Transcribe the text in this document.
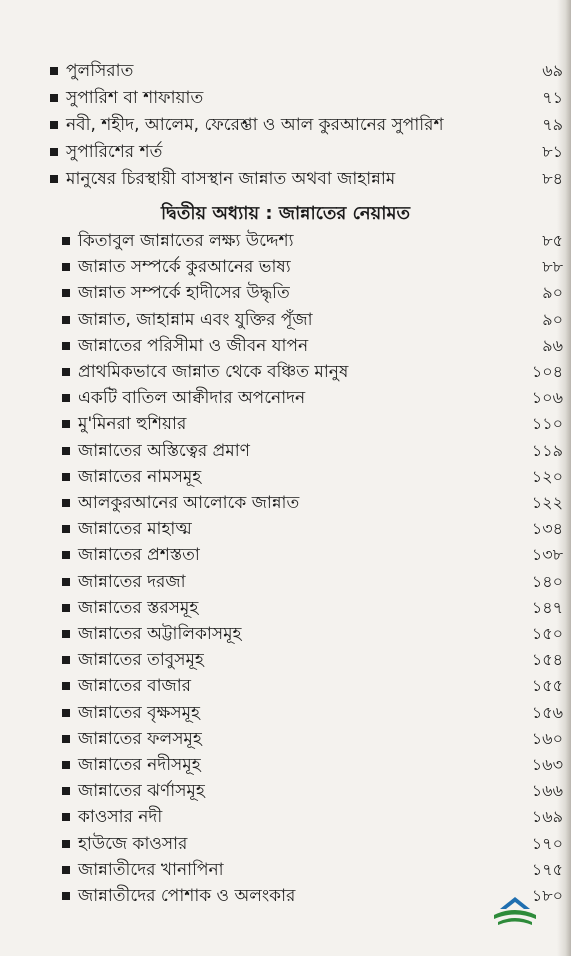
পুলসিরাত	৬৯
সুপারিশ বা শাফায়াত	৭১
নবী, শহীদ, আলেম, ফেরেশ্তা ও আল কুরআনের সুপারিশ	৭৯
সুপারিশের শর্ত	৮১
মানুষের চিরস্থায়ী বাসস্থান জান্নাত অথবা জাহান্নাম	৮৪
দ্বিতীয় অধ্যায় : জান্নাতের নেয়ামত
কিতাবুল জান্নাতের লক্ষ্য উদ্দেশ্য	৮৫
জান্নাত সম্পর্কে কুরআনের ভাষ্য	৮৮
জান্নাত সম্পর্কে হাদীসের উদ্ধৃতি	৯০
জান্নাত, জাহান্নাম এবং যুক্তির পূঁজা	৯০
জান্নাতের পরিসীমা ও জীবন যাপন	৯৬
প্রাথমিকভাবে জান্নাত থেকে বঞ্চিত মানুষ	১০৪
একটি বাতিল আক্বীদার অপনোদন	১০৬
মু'মিনরা হুশিয়ার	১১০
জান্নাতের অস্তিত্বের প্রমাণ	১১৯
জান্নাতের নামসমূহ	১২০
আলকুরআনের আলোকে জান্নাত	১২২
জান্নাতের মাহাত্ম	১৩৪
জান্নাতের প্রশস্ততা	১৩৮
জান্নাতের দরজা	১৪০
জান্নাতের স্তরসমূহ	১৪৭
জান্নাতের অট্টালিকাসমূহ	১৫০
জান্নাতের তাবুসমূহ	১৫৪
জান্নাতের বাজার	১৫৫
জান্নাতের বৃক্ষসমূহ	১৫৬
জান্নাতের ফলসমূহ	১৬০
জান্নাতের নদীসমূহ	১৬৩
জান্নাতের ঝর্ণাসমূহ	১৬৬
কাওসার নদী	১৬৯
হাউজে কাওসার	১৭০
জান্নাতীদের খানাপিনা	১৭৫
জান্নাতীদের পোশাক ও অলংকার	১৮০
